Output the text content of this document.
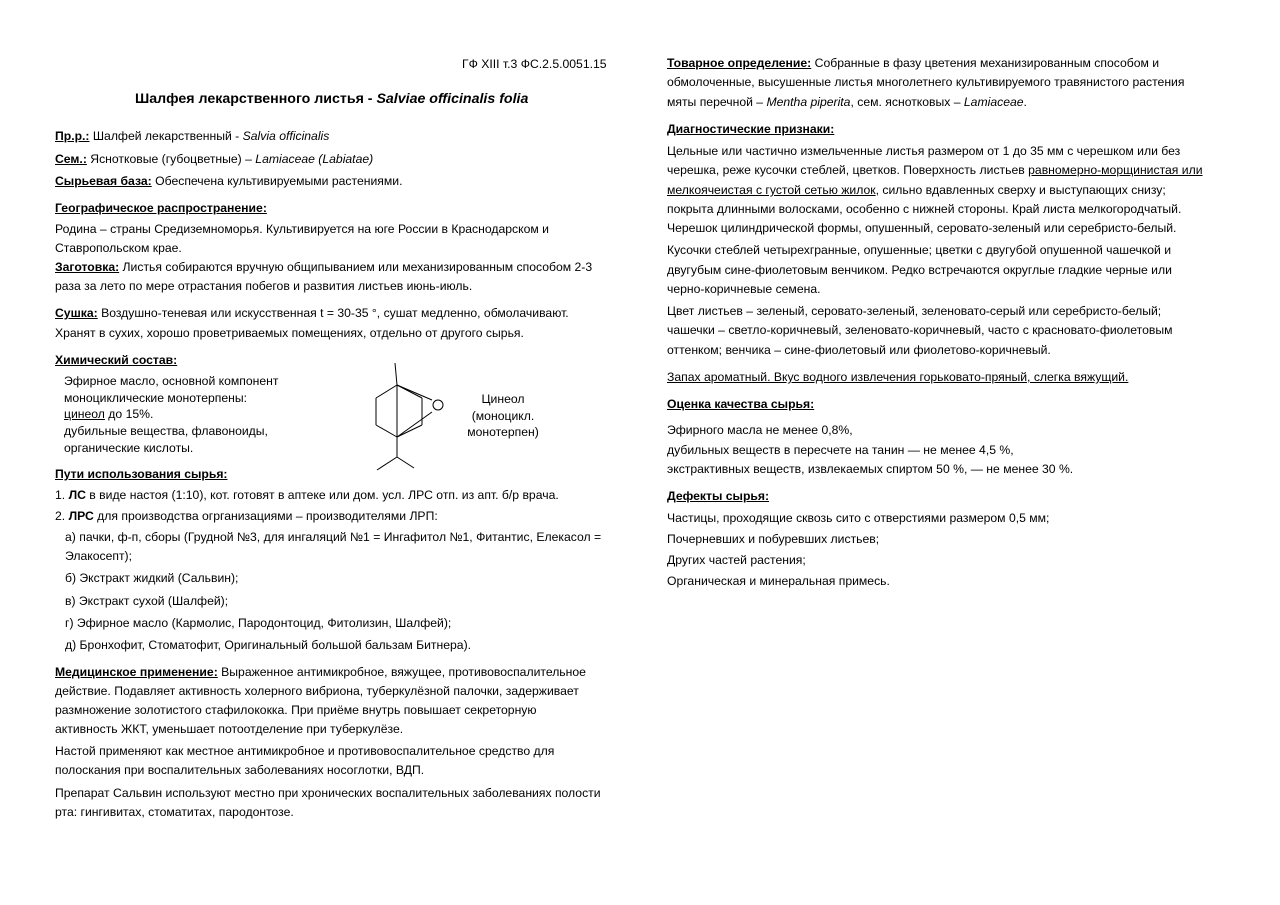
ГФ XIII т.3 ФС.2.5.0051.15
Шалфея лекарственного листья - Salviae officinalis folia
Пр.р.: Шалфей лекарственный - Salvia officinalis
Сем.: Яснотковые (губоцветные) – Lamiaceae (Labiatae)
Сырьевая база: Обеспечена культивируемыми растениями.
Географическое распространение:
Родина – страны Средиземноморья. Культивируется на юге России в Краснодарском и
Ставропольском крае.
Заготовка: Листья собираются вручную общипыванием или механизированным способом 2-3
раза за лето по мере отрастания побегов и развития листьев июнь-июль.
Сушка: Воздушно-теневая или искусственная t = 30-35 °, сушат медленно, обмолачивают.
Хранят в сухих, хорошо проветриваемых помещениях, отдельно от другого сырья.
Химический состав:
Эфирное масло, основной компонент
моноциклические монотерпены:
цинеол до 15%.
дубильные вещества, флавоноиды,
органические кислоты.
Цинеол
(моноцикл.
монотерпен)
Пути использования сырья:
1. ЛС в виде настоя (1:10), кот. готовят в аптеке или дом. усл. ЛРС отп. из апт. б/р врача.
2. ЛРС для производства огрганизациями – производителями ЛРП:
а) пачки, ф-п, сборы (Грудной №3, для ингаляций №1 = Ингафитол №1, Фитантис, Елекасол =
Элакосепт);
б) Экстракт жидкий (Сальвин);
в) Экстракт сухой (Шалфей);
г) Эфирное масло (Кармолис, Пародонтоцид, Фитолизин, Шалфей);
д) Бронхофит, Стоматофит, Оригинальный большой бальзам Битнера).
Медицинское применение: Выраженное антимикробное, вяжущее, противовоспалительное
действие. Подавляет активность холерного вибриона, туберкулёзной палочки, задерживает
размножение золотистого стафилококка. При приёме внутрь повышает секреторную
активность ЖКТ, уменьшает потоотделение при туберкулёзе.
Настой применяют как местное антимикробное и противовоспалительное средство для
полоскания при воспалительных заболеваниях носоглотки, ВДП.
Препарат Сальвин используют местно при хронических воспалительных заболеваниях полости
рта: гингивитах, стоматитах, пародонтозе.
Товарное определение: Собранные в фазу цветения механизированным способом и
обмолоченные, высушенные листья многолетнего культивируемого травянистого растения
мяты перечной – Mentha piperita, сем. яснотковых – Lamiaceae.
Диагностические признаки:
Цельные или частично измельченные листья размером от 1 до 35 мм с черешком или без
черешка, реже кусочки стеблей, цветков. Поверхность листьев равномерно-морщинистая или
мелкоячеистая с густой сетью жилок, сильно вдавленных сверху и выступающих снизу;
покрыта длинными волосками, особенно с нижней стороны. Край листа мелкогородчатый.
Черешок цилиндрической формы, опушенный, серовато-зеленый или серебристо-белый.
Кусочки стеблей четырехгранные, опушенные; цветки с двугубой опушенной чашечкой и
двугубым сине-фиолетовым венчиком. Редко встречаются округлые гладкие черные или
черно-коричневые семена.
Цвет листьев – зеленый, серовато-зеленый, зеленовато-серый или серебристо-белый;
чашечки – светло-коричневый, зеленовато-коричневый, часто с красновато-фиолетовым
оттенком; венчика – сине-фиолетовый или фиолетово-коричневый.
Запах ароматный. Вкус водного извлечения горьковато-пряный, слегка вяжущий.
Оценка качества сырья:
Эфирного масла не менее 0,8%,
дубильных веществ в пересчете на танин — не менее 4,5 %,
экстрактивных веществ, извлекаемых спиртом 50 %, — не менее 30 %.
Дефекты сырья:
Частицы, проходящие сквозь сито с отверстиями размером 0,5 мм;
Почерневших и побуревших листьев;
Других частей растения;
Органическая и минеральная примесь.
